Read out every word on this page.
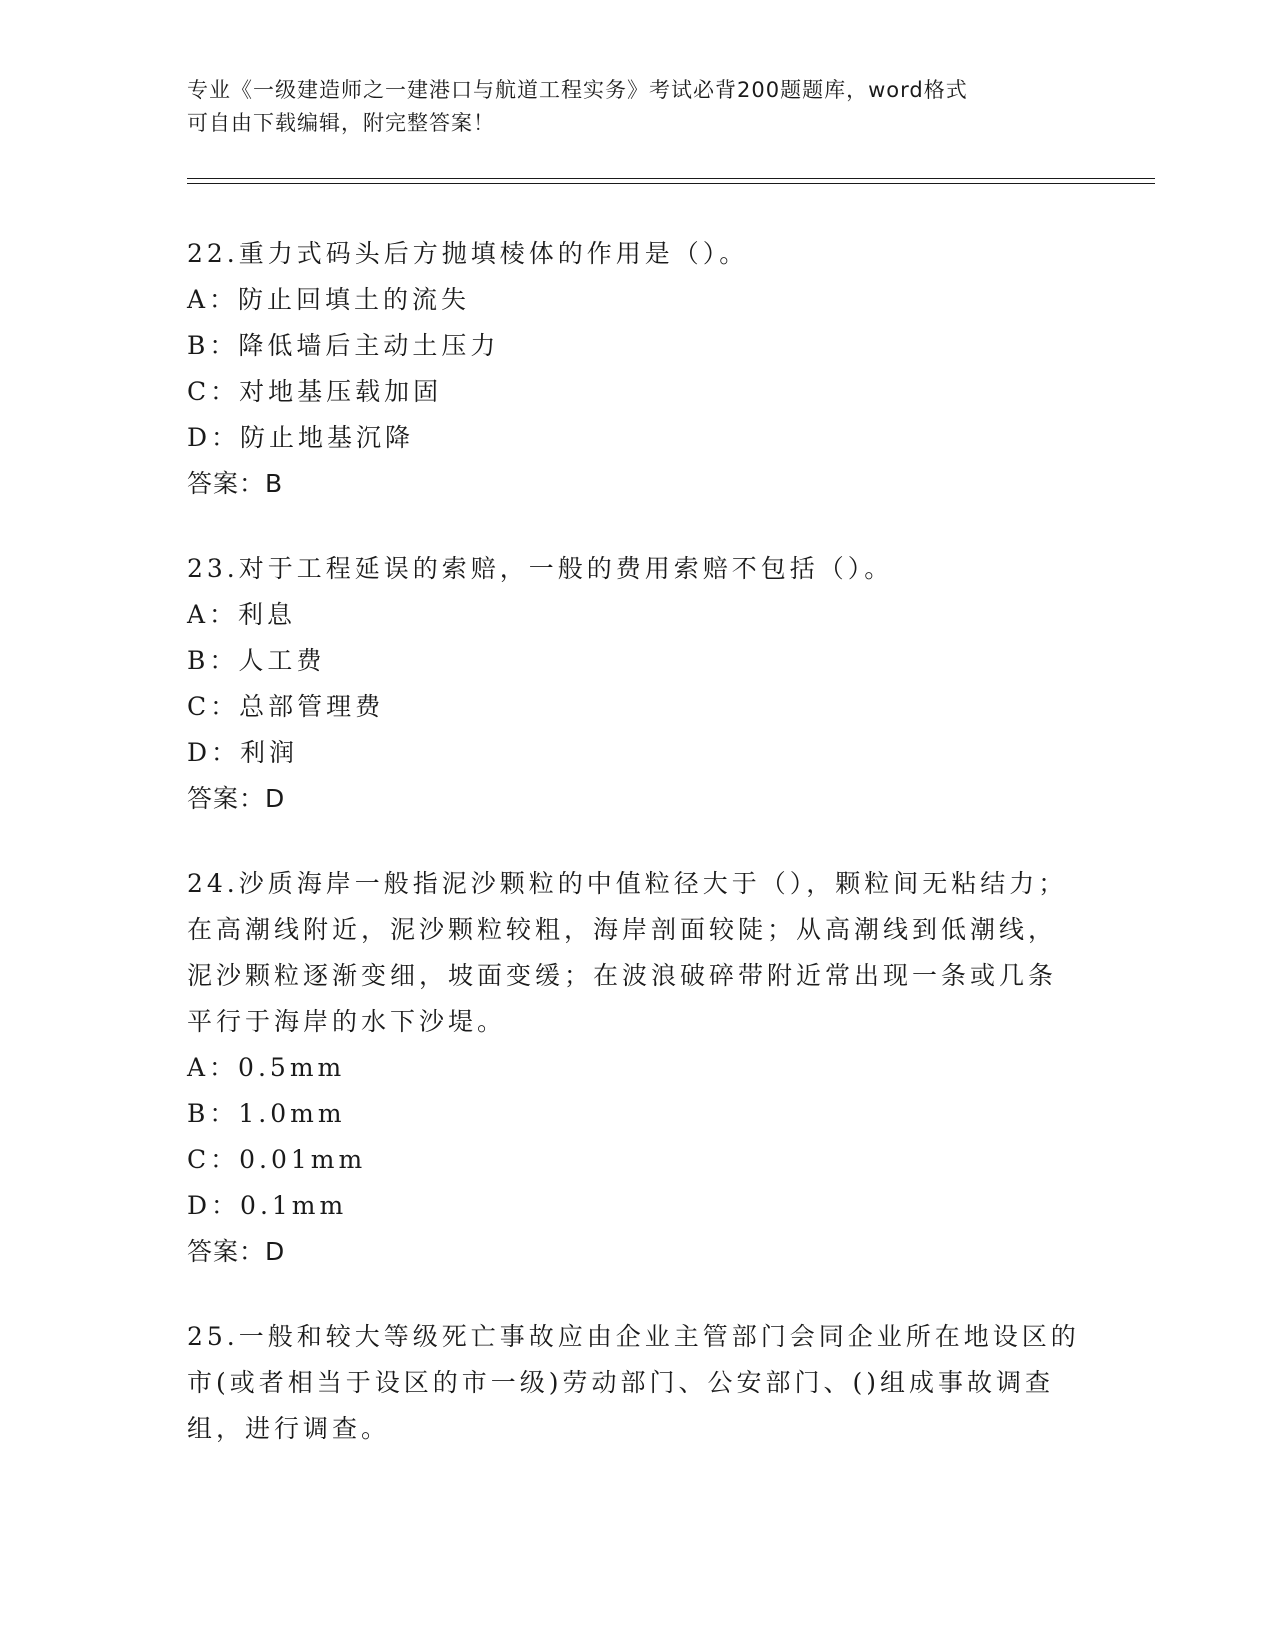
专业《一级建造师之一建港口与航道工程实务》考试必背200题题库，word格式
可自由下载编辑，附完整答案！
22.重力式码头后方抛填棱体的作用是（）。
A：防止回填土的流失
B：降低墙后主动土压力
C：对地基压载加固
D：防止地基沉降
答案：B
23.对于工程延误的索赔，一般的费用索赔不包括（）。
A：利息
B：人工费
C：总部管理费
D：利润
答案：D
24.沙质海岸一般指泥沙颗粒的中值粒径大于（），颗粒间无粘结力；
在高潮线附近，泥沙颗粒较粗，海岸剖面较陡；从高潮线到低潮线，
泥沙颗粒逐渐变细，坡面变缓；在波浪破碎带附近常出现一条或几条
平行于海岸的水下沙堤。
A：0.5mm
B：1.0mm
C：0.01mm
D：0.1mm
答案：D
25.一般和较大等级死亡事故应由企业主管部门会同企业所在地设区的
市(或者相当于设区的市一级)劳动部门、公安部门、()组成事故调查
组，进行调查。
